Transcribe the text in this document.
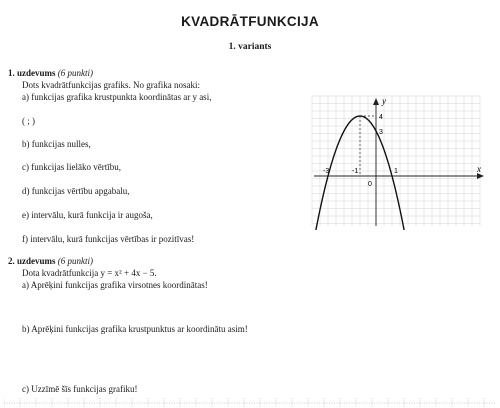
KVADRĀTFUNKCIJA
1. variants
1. uzdevums (6 punkti)
Dots kvadrātfunkcijas grafiks. No grafika nosaki:
a) funkcijas grafika krustpunkta koordinātas ar y asi,
( ; )
b) funkcijas nulles,
c) funkcijas lielāko vērtību,
d) funkcijas vērtību apgabalu,
e) intervālu, kurā funkcija ir augoša,
f) intervālu, kurā funkcijas vērtības ir pozitīvas!
y
x
4
3
-3	-1
0
1
2. uzdevums (6 punkti)
Dota kvadrātfunkcija y = x² + 4x − 5.
a) Aprēķini funkcijas grafika virsotnes koordinātas!
b) Aprēķini funkcijas grafika krustpunktus ar koordinātu asim!
c) Uzzīmē šīs funkcijas grafiku!
